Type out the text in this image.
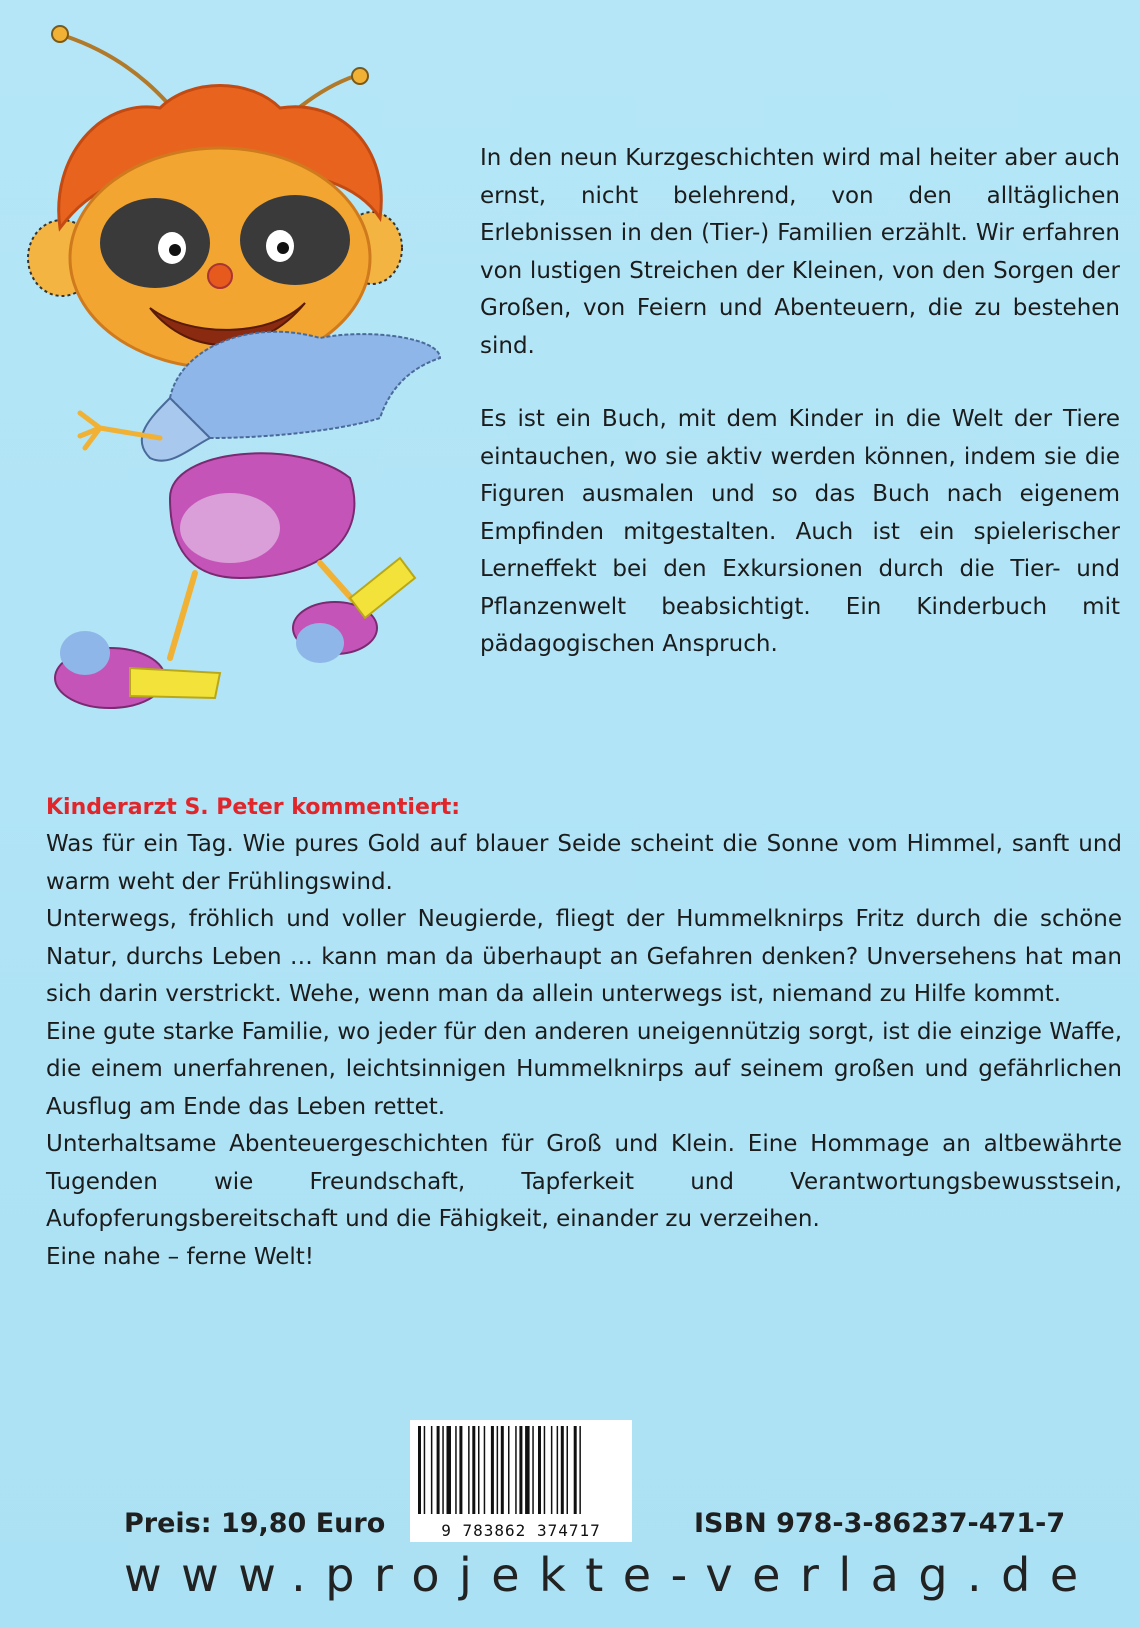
In den neun Kurzgeschichten wird mal heiter aber auch ernst, nicht belehrend, von den alltäglichen Erlebnissen in den (Tier-) Familien erzählt. Wir erfahren von lustigen Streichen der Kleinen, von den Sorgen der Großen, von Feiern und Abenteuern, die zu bestehen sind.

Es ist ein Buch, mit dem Kinder in die Welt der Tiere eintauchen, wo sie aktiv werden können, indem sie die Figuren ausmalen und so das Buch nach eigenem Empfinden mitgestalten. Auch ist ein spielerischer Lerneffekt bei den Exkursionen durch die Tier- und Pflanzenwelt beabsichtigt. Ein Kinderbuch mit pädagogischen Anspruch.

Kinderarzt S. Peter kommentiert:

Was für ein Tag. Wie pures Gold auf blauer Seide scheint die Sonne vom Himmel, sanft und warm weht der Frühlingswind.

Unterwegs, fröhlich und voller Neugierde, fliegt der Hummelknirps Fritz durch die schöne Natur, durchs Leben … kann man da überhaupt an Gefahren denken? Unversehens hat man sich darin verstrickt. Wehe, wenn man da allein unterwegs ist, niemand zu Hilfe kommt.

Eine gute starke Familie, wo jeder für den anderen uneigennützig sorgt, ist die einzige Waffe, die einem unerfahrenen, leichtsinnigen Hummelknirps auf seinem großen und gefährlichen Ausflug am Ende das Leben rettet.

Unterhaltsame Abenteuergeschichten für Groß und Klein. Eine Hommage an altbewährte Tugenden wie Freundschaft, Tapferkeit und Verantwortungsbewusstsein, Aufopferungsbereitschaft und die Fähigkeit, einander zu verzeihen.

Eine nahe – ferne Welt!

9 783862 374717
Preis: 19,80 Euro	ISBN 978-3-86237-471-7
www.projekte-verlag.de
